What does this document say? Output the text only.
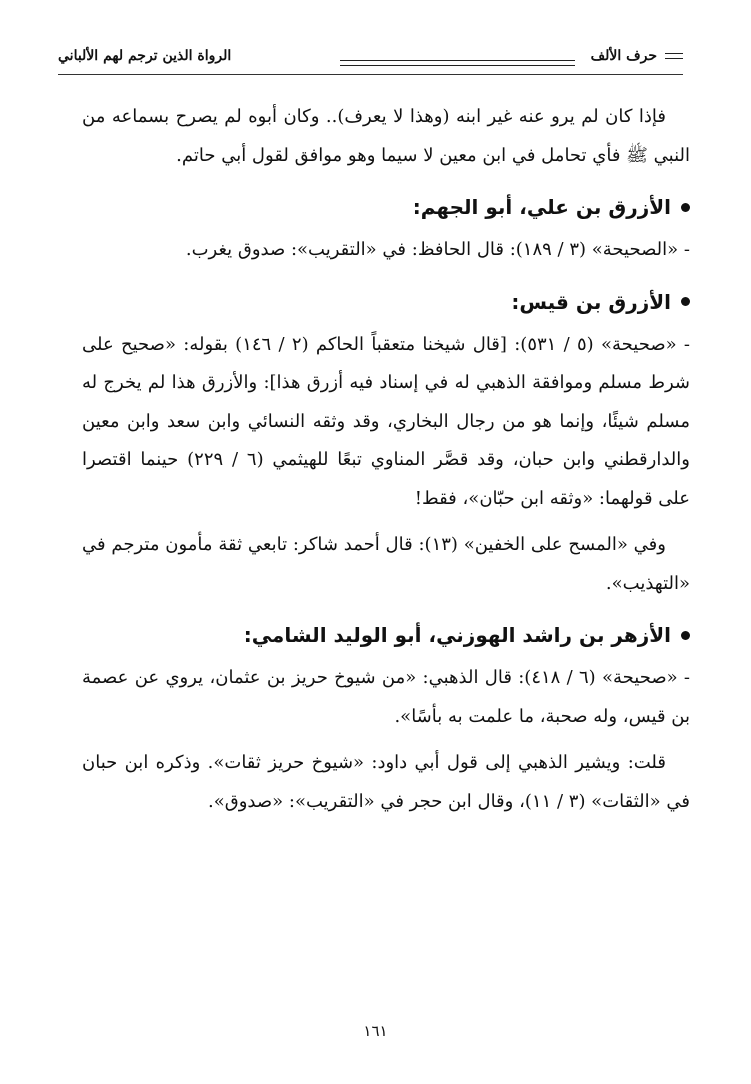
حرف الألف
الرواة الذين ترجم لهم الألباني

فإذا كان لم يرو عنه غير ابنه (وهذا لا يعرف).. وكان أبوه لم يصرح بسماعه من النبي ﷺ فأي تحامل في ابن معين لا سيما وهو موافق لقول أبي حاتم.

الأزرق بن علي، أبو الجهم:

- «الصحيحة» (٣ / ١٨٩): قال الحافظ: في «التقريب»: صدوق يغرب.

الأزرق بن قيس:

- «صحيحة» (٥ / ٥٣١): [قال شيخنا متعقباً الحاكم (٢ / ١٤٦) بقوله: «صحيح على شرط مسلم وموافقة الذهبي له في إسناد فيه أزرق هذا]: والأزرق هذا لم يخرج له مسلم شيئًا، وإنما هو من رجال البخاري، وقد وثقه النسائي وابن سعد وابن معين والدارقطني وابن حبان، وقد قصَّر المناوي تبعًا للهيثمي (٦ / ٢٢٩) حينما اقتصرا على قولهما: «وثقه ابن حبّان»، فقط!

وفي «المسح على الخفين» (١٣): قال أحمد شاكر: تابعي ثقة مأمون مترجم في «التهذيب».

الأزهر بن راشد الهوزني، أبو الوليد الشامي:

- «صحيحة» (٦ / ٤١٨): قال الذهبي: «من شيوخ حريز بن عثمان، يروي عن عصمة بن قيس، وله صحبة، ما علمت به بأسًا».

قلت: ويشير الذهبي إلى قول أبي داود: «شيوخ حريز ثقات». وذكره ابن حبان في «الثقات» (٣ / ١١)، وقال ابن حجر في «التقريب»: «صدوق».

١٦١
